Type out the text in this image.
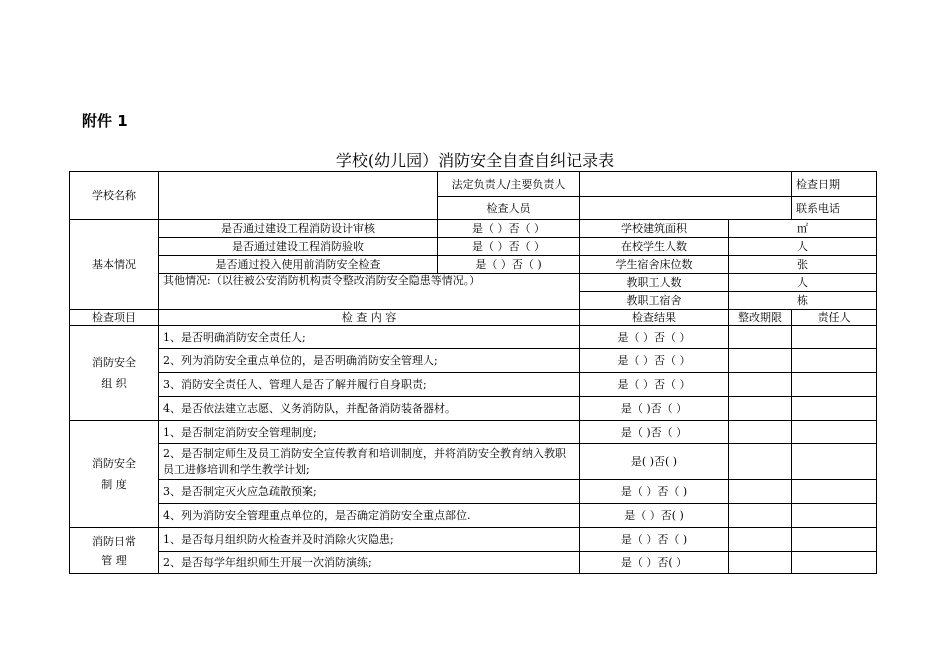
附件 1
学校(幼儿园）消防安全自查自纠记录表
学校名称		法定负责人/主要负责人			检查日期
		检查人员			联系电话
基本情况	是否通过建设工程消防设计审核	是（ ）否（ ）	学校建筑面积	㎡	
	是否通过建设工程消防验收	是（ ）否（ ）	在校学生人数	人	
	是否通过投入使用前消防安全检查	是（ ）否（ )	学生宿舍床位数	张	
	其他情况:（以往被公安消防机构责令整改消防安全隐患等情况。）		教职工人数	人	
			教职工宿舍	栋	
检查项目	检 查 内 容		检查结果	整改期限	责任人

消防安全
组 织	1、是否明确消防安全责任人;		是（ ）否（ ）		
	2、列为消防安全重点单位的，是否明确消防安全管理人;		是（ ）否（ ）		
	3、消防安全责任人、管理人是否了解并履行自身职责;		是（ ）否（ ）		
	4、是否依法建立志愿、义务消防队，并配备消防装备器材。		是（ )否（ ）		

消防安全
制 度	1、是否制定消防安全管理制度;		是（ )否（ ）		
	2、是否制定师生及员工消防安全宣传教育和培训制度，并将消防安全教育纳入教职员工进修培训和学生教学计划;		是( )否( )		
	3、是否制定灭火应急疏散预案;		是（ ）否（ )		
	4、列为消防安全管理重点单位的，是否确定消防安全重点部位.		是（ ）否( )		

消防日常
管 理	1、是否每月组织防火检查并及时消除火灾隐患;		是（ ）否（ )		
	2、是否每学年组织师生开展一次消防演练;		是（ ）否( ）		
